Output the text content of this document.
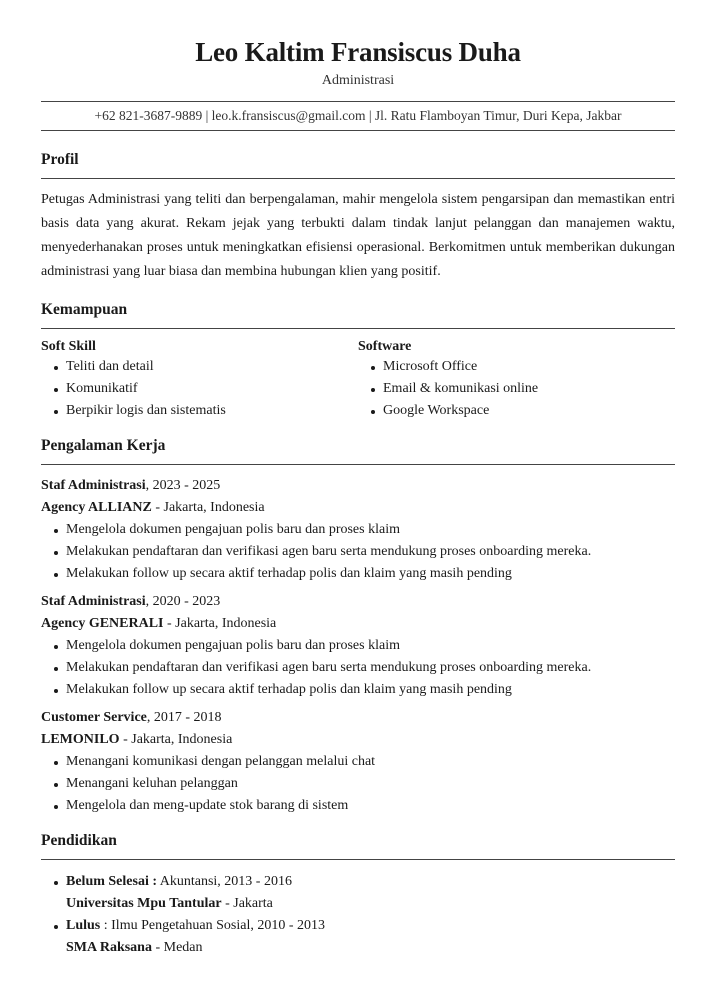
Leo Kaltim Fransiscus Duha
Administrasi
+62 821-3687-9889 | leo.k.fransiscus@gmail.com | Jl. Ratu Flamboyan Timur, Duri Kepa, Jakbar
Profil
Petugas Administrasi yang teliti dan berpengalaman, mahir mengelola sistem pengarsipan dan memastikan entri basis data yang akurat. Rekam jejak yang terbukti dalam tindak lanjut pelanggan dan manajemen waktu, menyederhanakan proses untuk meningkatkan efisiensi operasional. Berkomitmen untuk memberikan dukungan administrasi yang luar biasa dan membina hubungan klien yang positif.
Kemampuan
Soft Skill
Teliti dan detail
Komunikatif
Berpikir logis dan sistematis
Software
Microsoft Office
Email & komunikasi online
Google Workspace
Pengalaman Kerja
Staf Administrasi, 2023 - 2025
Agency ALLIANZ - Jakarta, Indonesia
Mengelola dokumen pengajuan polis baru dan proses klaim
Melakukan pendaftaran dan verifikasi agen baru serta mendukung proses onboarding mereka.
Melakukan follow up secara aktif terhadap polis dan klaim yang masih pending
Staf Administrasi, 2020 - 2023
Agency GENERALI - Jakarta, Indonesia
Mengelola dokumen pengajuan polis baru dan proses klaim
Melakukan pendaftaran dan verifikasi agen baru serta mendukung proses onboarding mereka.
Melakukan follow up secara aktif terhadap polis dan klaim yang masih pending
Customer Service, 2017 - 2018
LEMONILO - Jakarta, Indonesia
Menangani komunikasi dengan pelanggan melalui chat
Menangani keluhan pelanggan
Mengelola dan meng-update stok barang di sistem
Pendidikan
Belum Selesai : Akuntansi, 2013 - 2016
Universitas Mpu Tantular - Jakarta
Lulus : Ilmu Pengetahuan Sosial, 2010 - 2013
SMA Raksana - Medan
